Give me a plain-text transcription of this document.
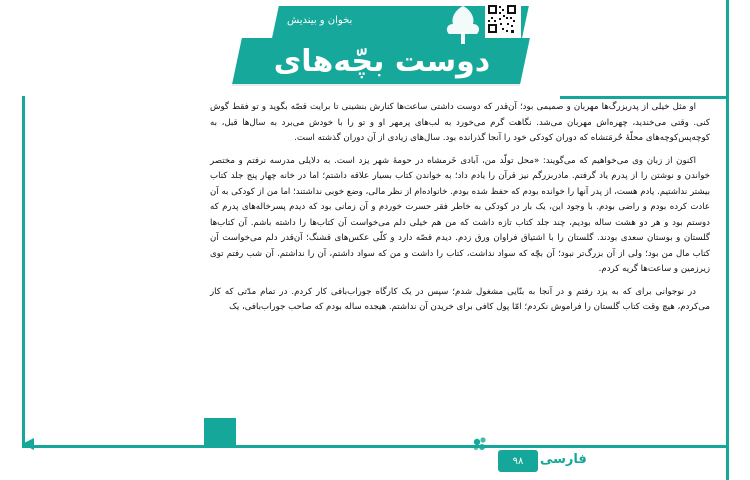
بخوان و بیندیش
دوست بچّه‌های خوب

او مثل خیلی از پدربزرگ‌ها مهربان و صمیمی بود؛ آن‌قدر که دوست داشتی ساعت‌ها کنارش بنشینی تا برایت قصّه بگوید و تو فقط گوش کنی. وقتی می‌خندید، چهره‌اش مهربان می‌شد. نگاهت گرم می‌خورد به لب‌های پرمهر او و تو را با خودش می‌برد به سال‌ها قبل، به کوچه‌پس‌کوچه‌های محلّهٔ حُرمَتشاه که دوران کودکی خود را آنجا گذرانده بود. سال‌های زیادی از آن دوران گذشته است.

اکنون از زبان وی می‌خواهیم که می‌گویند: «محل تولّد من، آبادی خَرمشاه در حومهٔ شهر یزد است. به دلایلی مدرسه نرفتم و مختصر خواندن و نوشتن را از پدرم یاد گرفتم. مادربزرگم نیز قرآن را یادم داد؛ به خواندن کتاب بسیار علاقه داشتم؛ اما در خانه چهار پنج جلد کتاب بیشتر نداشتیم. یادم هست، از پدر آنها را خوانده بودم که حفظ شده بودم. خانواده‌ام از نظر مالی، وضع خوبی نداشتند؛ اما من از کودکی به آن عادت کرده بودم و راضی بودم. با وجود این، یک بار در کودکی به خاطر فقر حسرت خوردم و آن زمانی بود که دیدم پسرخاله‌های پدرم که دوستم بود و هر دو هشت ساله بودیم، چند جلد کتاب تازه داشت که من هم خیلی دلم می‌خواست آن کتاب‌ها را داشته باشم. آن کتاب‌ها گلستان و بوستان سعدی بودند. گلستان را با اشتیاق فراوان ورق زدم. دیدم قصّه دارد و کلّی عکس‌های قشنگ؛ آن‌قدر دلم می‌خواست آن کتاب مال من بود؛ ولی از آن بزرگ‌تر نبود؛ آن بچّه که سواد نداشت، کتاب را داشت و من که سواد داشتم، آن را نداشتم. آن شب رفتم توی زیرزمین و ساعت‌ها گریه کردم.

در نوجوانی برای که به یزد رفتم و در آنجا به بنّایی مشغول شدم؛ سپس در یک کارگاه جوراب‌بافی کار کردم. در تمام مدّتی که کار می‌کردم، هیچ وقت کتاب گلستان را فراموش نکردم؛ امّا پول کافی برای خریدن آن نداشتم. هیجده ساله بودم که صاحب جوراب‌بافی، یک

۹۸	فارسی
